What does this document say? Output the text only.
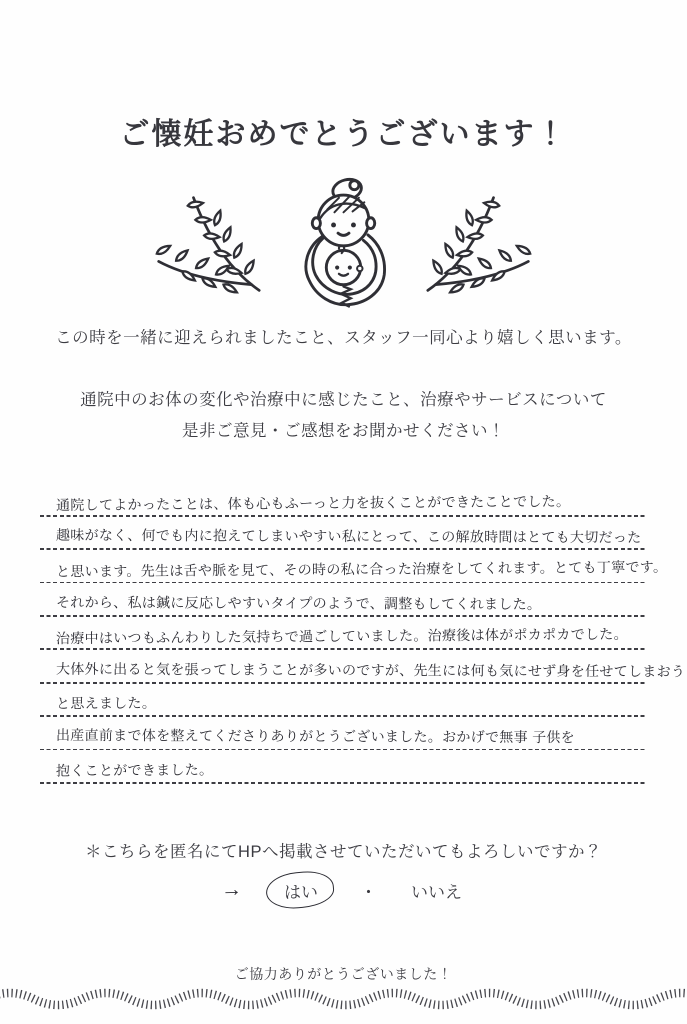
ご懐妊おめでとうございます！

この時を一緒に迎えられましたこと、スタッフ一同心より嬉しく思います。

通院中のお体の変化や治療中に感じたこと、治療やサービスについて
是非ご意見・ご感想をお聞かせください！
通院してよかったことは、体も心もふーっと力を抜くことができたことでした。
趣味がなく、何でも内に抱えてしまいやすい私にとって、この解放時間はとても大切だった
と思います。先生は舌や脈を見て、その時の私に合った治療をしてくれます。とても丁寧です。
それから、私は鍼に反応しやすいタイプのようで、調整もしてくれました。
治療中はいつもふんわりした気持ちで過ごしていました。治療後は体がポカポカでした。
大体外に出ると気を張ってしまうことが多いのですが、先生には何も気にせず身を任せてしまおう
と思えました。
出産直前まで体を整えてくださりありがとうございました。おかげで無事 子供を
抱くことができました。
＊こちらを匿名にてHPへ掲載させていただいてもよろしいですか？
→	はい	・ いいえ

ご協力ありがとうございました！
